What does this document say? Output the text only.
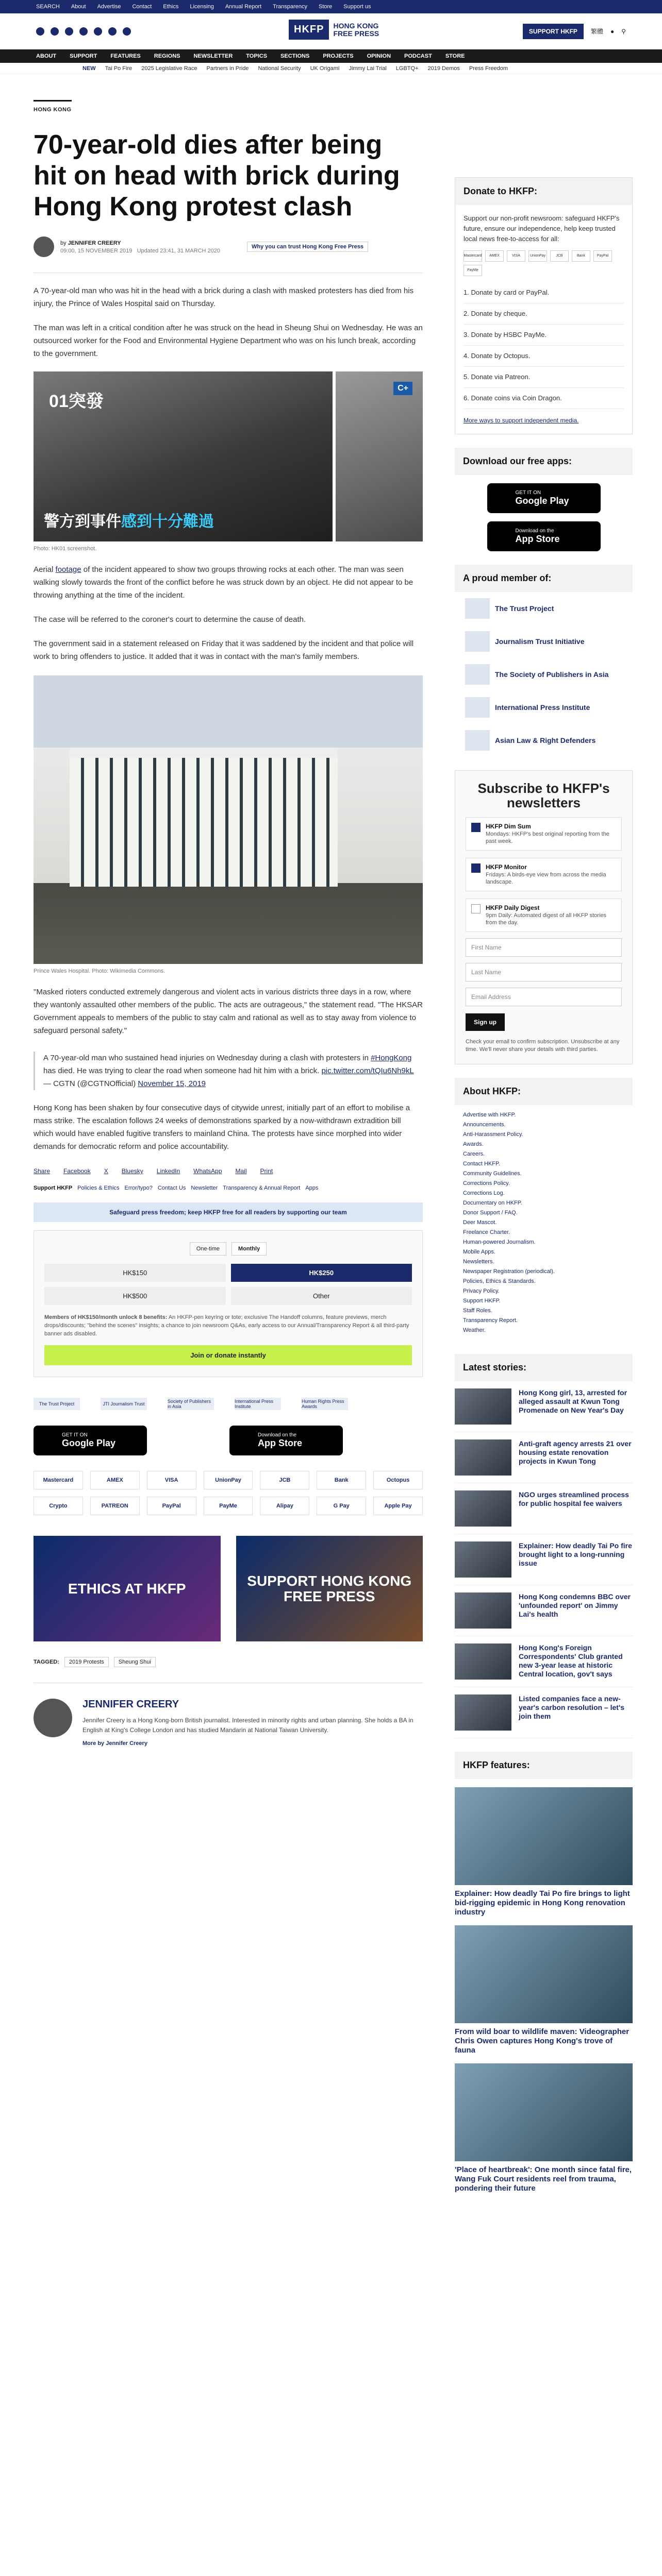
SEARCH About Advertise Contact Ethics Licensing Annual Report Transparency Store Support us
HKFP	HONG KONG
FREE PRESS	SUPPORT HKFP	繁體 ● ⚲
ABOUT SUPPORT FEATURES REGIONS NEWSLETTER TOPICS SECTIONS PROJECTS OPINION PODCAST STORE
NEW Tai Po Fire 2025 Legislative Race Partners in Pride National Security UK Origami Jimmy Lai Trial LGBTQ+ 2019 Demos Press Freedom
HONG KONG
70-year-old dies after being hit on head with brick during Hong Kong protest clash
by JENNIFER CREERY
09:00, 15 NOVEMBER 2019 Updated 23:41, 31 MARCH 2020
Why you can trust Hong Kong Free Press

A 70-year-old man who was hit in the head with a brick during a clash with masked protesters has died from his injury, the Prince of Wales Hospital said on Thursday.

The man was left in a critical condition after he was struck on the head in Sheung Shui on Wednesday. He was an outsourced worker for the Food and Environmental Hygiene Department who was on his lunch break, according to the government.

01突發
警方到事件感到十分難過
C+
Photo: HK01 screenshot.

Aerial footage of the incident appeared to show two groups throwing rocks at each other. The man was seen walking slowly towards the front of the conflict before he was struck down by an object. He did not appear to be throwing anything at the time of the incident.

The case will be referred to the coroner's court to determine the cause of death.

The government said in a statement released on Friday that it was saddened by the incident and that police will work to bring offenders to justice. It added that it was in contact with the man's family members.

Prince Wales Hospital. Photo: Wikimedia Commons.

"Masked rioters conducted extremely dangerous and violent acts in various districts three days in a row, where they wantonly assaulted other members of the public. The acts are outrageous," the statement read. "The HKSAR Government appeals to members of the public to stay calm and rational as well as to stay away from violence to safeguard personal safety."

A 70-year-old man who sustained head injuries on Wednesday during a clash with protesters in #HongKong has died. He was trying to clear the road when someone had hit him with a brick. pic.twitter.com/tQIu6Nh9kL
— CGTN (@CGTNOfficial) November 15, 2019

Hong Kong has been shaken by four consecutive days of citywide unrest, initially part of an effort to mobilise a mass strike. The escalation follows 24 weeks of demonstrations sparked by a now-withdrawn extradition bill which would have enabled fugitive transfers to mainland China. The protests have since morphed into wider demands for democratic reform and police accountability.

Share Facebook X Bluesky LinkedIn WhatsApp Mail Print
Support HKFP Policies & Ethics Error/typo? Contact Us Newsletter Transparency & Annual Report Apps
Safeguard press freedom; keep HKFP free for all readers by supporting our team
One-time	Monthly
HK$150	HK$250
HK$500	Other
Members of HK$150/month unlock 8 benefits: An HKFP-pen keyring or tote; exclusive The Handoff columns, feature previews, merch drops/discounts; "behind the scenes" insights; a chance to join newsroom Q&As, early access to our Annual/Transparency Report & all third-party banner ads disabled.
Join or donate instantly
The Trust Project	JTI Journalism Trust	Society of Publishers in Asia
International Press Institute
Human Rights Press Awards
GET IT ON
Google Play
Download on the
App Store
Mastercard	AMEX	VISA	UnionPay	JCB	Bank	Octopus
Crypto	PATREON	PayPal	PayMe	Alipay	G Pay	Apple Pay
ETHICS AT HKFP	SUPPORT HONG KONG FREE PRESS
TAGGED:	2019 Protests	Sheung Shui
JENNIFER CREERY

Jennifer Creery is a Hong Kong-born British journalist. Interested in minority rights and urban planning. She holds a BA in English at King's College London and has studied Mandarin at National Taiwan University.

More by Jennifer Creery
Donate to HKFP:
Support our non-profit newsroom: safeguard HKFP's future, ensure our independence, help keep trusted local news free-to-access for all:
Mastercard	AMEX	VISA	UnionPay	JCB	Bank	PayPal
PayMe
1. Donate by card or PayPal.
2. Donate by cheque.
3. Donate by HSBC PayMe.
4. Donate by Octopus.
5. Donate via Patreon.
6. Donate coins via Coin Dragon.
More ways to support independent media.
Download our free apps:
GET IT ON
Google Play
Download on the
App Store
A proud member of:
The Trust Project
Journalism Trust Initiative
The Society of Publishers in Asia
International Press Institute
Asian Law & Right Defenders
Subscribe to HKFP's newsletters
HKFP Dim Sum
Mondays: HKFP's best original reporting from the past week.
HKFP Monitor
Fridays: A birds-eye view from across the media landscape.
HKFP Daily Digest
9pm Daily: Automated digest of all HKFP stories from the day.
First Name
Last Name
Email Address
Sign up
Check your email to confirm subscription. Unsubscribe at any time. We'll never share your details with third parties.
About HKFP:
Advertise with HKFP.
Announcements.
Anti-Harassment Policy.
Awards.
Careers.
Contact HKFP.
Community Guidelines.
Corrections Policy.
Corrections Log.
Documentary on HKFP.
Donor Support / FAQ.
Deer Mascot.
Freelance Charter.
Human-powered Journalism.
Mobile Apps.
Newsletters.
Newspaper Registration (periodical).
Policies, Ethics & Standards.
Privacy Policy.
Support HKFP.
Staff Roles.
Transparency Report.
Weather.
Latest stories:
Hong Kong girl, 13, arrested for alleged assault at Kwun Tong Promenade on New Year's Day
Anti-graft agency arrests 21 over housing estate renovation projects in Kwun Tong
NGO urges streamlined process for public hospital fee waivers
Explainer: How deadly Tai Po fire brought light to a long-running issue
Hong Kong condemns BBC over 'unfounded report' on Jimmy Lai's health
Hong Kong's Foreign Correspondents' Club granted new 3-year lease at historic Central location, gov't says
Listed companies face a new-year's carbon resolution – let's join them
HKFP features:
Explainer: How deadly Tai Po fire brings to light bid-rigging epidemic in Hong Kong renovation industry
From wild boar to wildlife maven: Videographer Chris Owen captures Hong Kong's trove of fauna
'Place of heartbreak': One month since fatal fire, Wang Fuk Court residents reel from trauma, pondering their future
